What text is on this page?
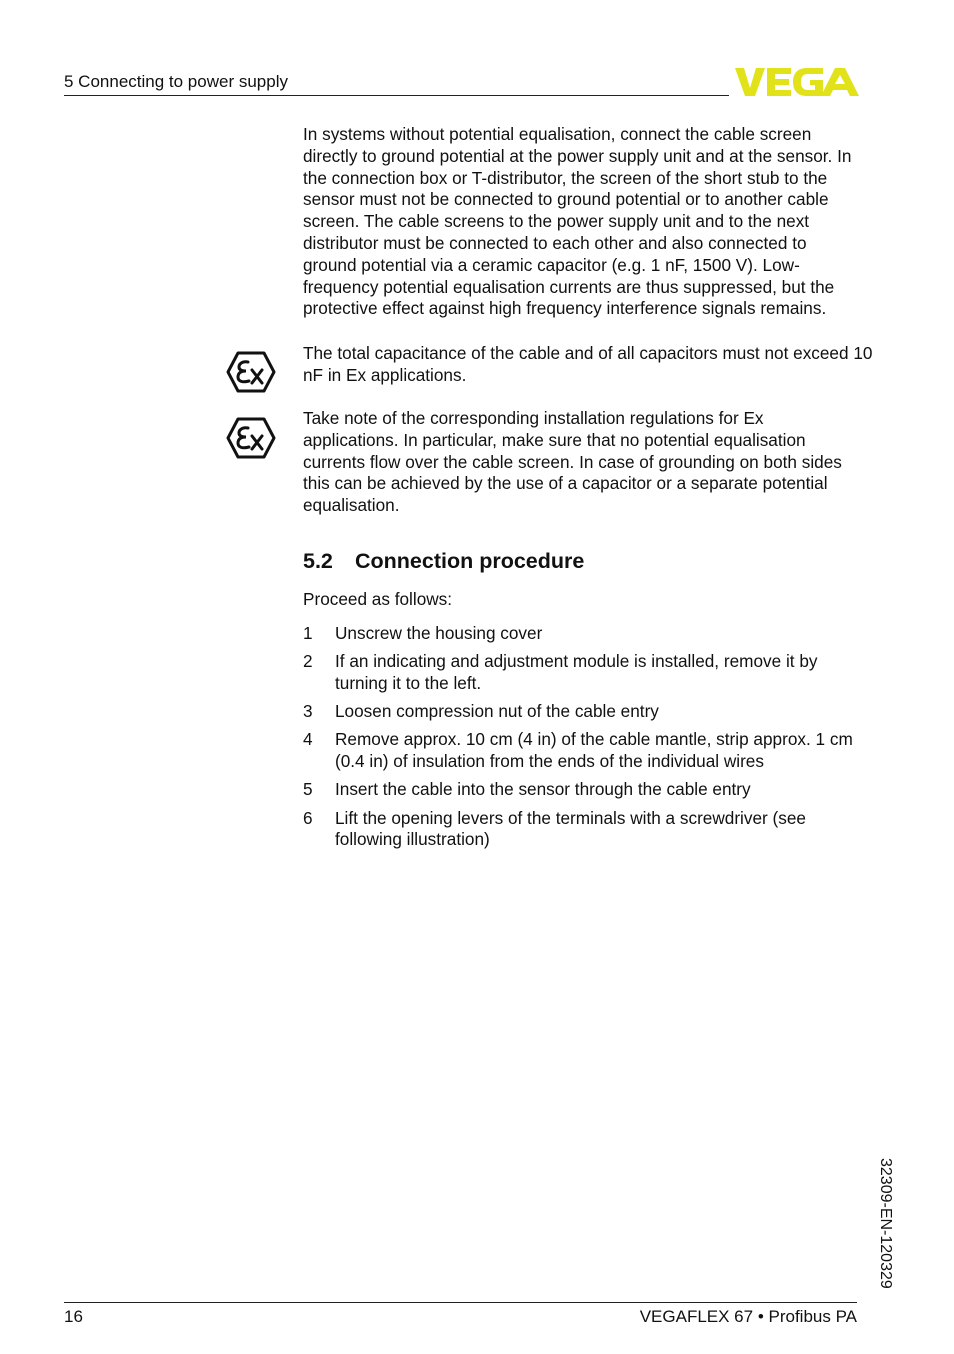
5 Connecting to power supply

In systems without potential equalisation, connect the cable screen directly to ground potential at the power supply unit and at the sensor. In the connection box or T-distributor, the screen of the short stub to the sensor must not be connected to ground potential or to another cable screen. The cable screens to the power supply unit and to the next distributor must be connected to each other and also connected to ground potential via a ceramic capacitor (e.g. 1 nF, 1500 V). Low-frequency potential equalisation currents are thus suppressed, but the protective effect against high frequency interference signals remains.

The total capacitance of the cable and of all capacitors must not exceed 10 nF in Ex applications.

Take note of the corresponding installation regulations for Ex applications. In particular, make sure that no potential equalisation currents flow over the cable screen. In case of grounding on both sides this can be achieved by the use of a capacitor or a separate potential equalisation.

5.2 Connection procedure
Proceed as follows:
1	Unscrew the housing cover
2	If an indicating and adjustment module is installed, remove it by turning it to the left.
3	Loosen compression nut of the cable entry
4	Remove approx. 10 cm (4 in) of the cable mantle, strip approx. 1 cm (0.4 in) of insulation from the ends of the individual wires
5	Insert the cable into the sensor through the cable entry
6	Lift the opening levers of the terminals with a screwdriver (see following illustration)
32309-EN-120329
16	VEGAFLEX 67 • Profibus PA
